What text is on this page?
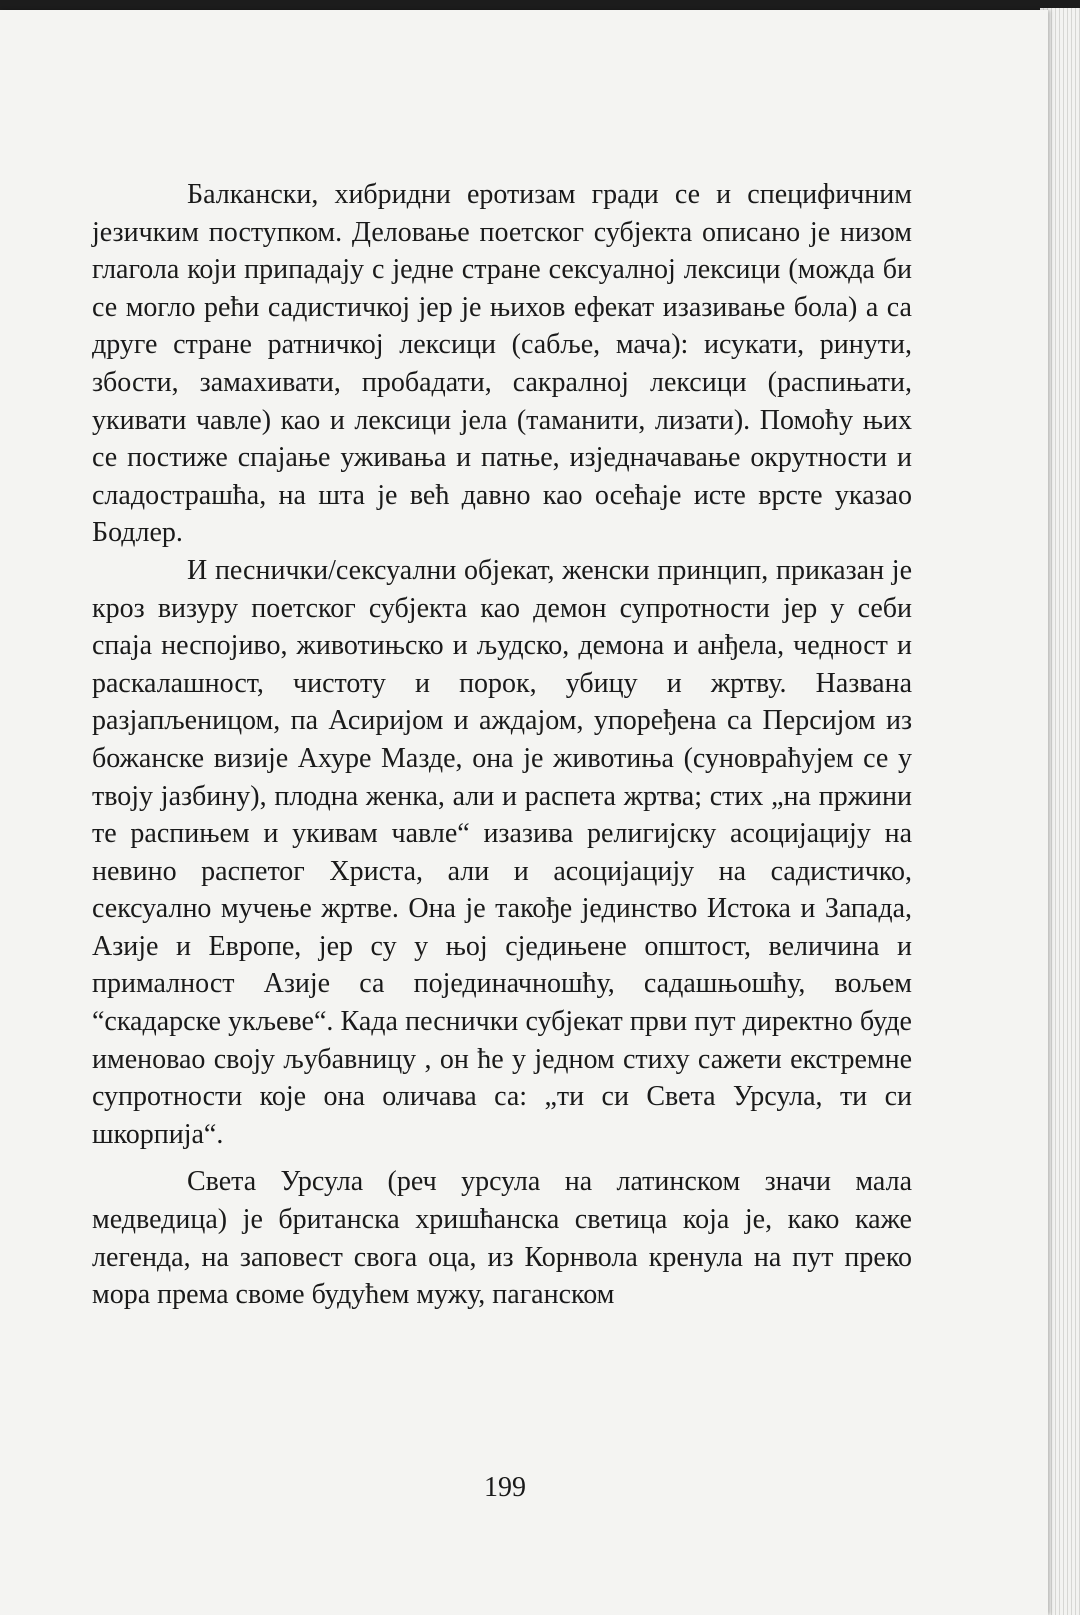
Балкански, хибридни еротизам гради се и специфичним језичким поступком. Деловање поетског субјекта описано је низом глагола који припадају с једне стране сексуалној лексици (можда би се могло рећи садистичкој јер је њихов ефекат изазивање бола) а са друге стране ратничкој лексици (сабље, мача): исукати, ринути, збости, замахивати, пробадати, сакралној лексици (распињати, укивати чавле) као и лексици јела (таманити, лизати). Помоћу њих се постиже спајање уживања и патње, изједначавање окрутности и сладострашћа, на шта је већ давно као осећаје исте врсте указао Бодлер.

И песнички/сексуални објекат, женски принцип, приказан је кроз визуру поетског субјекта као демон супротности јер у себи спаја неспојиво, животињско и људско, демона и анђела, чедност и раскалашност, чистоту и порок, убицу и жртву. Названа разјапљеницом, па Асиријом и аждајом, упоређена са Персијом из божанске визије Ахуре Мазде, она је животиња (суновраћујем се у твоју јазбину), плодна женка, али и распета жртва; стих „на пржини те распињем и укивам чавле“ изазива религијску асоцијацију на невино распетог Христа, али и асоцијацију на садистичко, сексуално мучење жртве. Она је такође јединство Истока и Запада, Азије и Европе, јер су у њој сједињене општост, величина и прималност Азије са појединачношћу, садашњошћу, вољем “скадарске укљеве“. Када песнички субјекат први пут директно буде именовао своју љубавницу , он ће у једном стиху сажети екстремне супротности које она оличава са: „ти си Света Урсула, ти си шкорпија“.

Света Урсула (реч урсула на латинском значи мала медведица) је британска хришћанска светица која је, како каже легенда, на заповест свога оца, из Корнвола кренула на пут преко мора према своме будућем мужу, паганском

199
